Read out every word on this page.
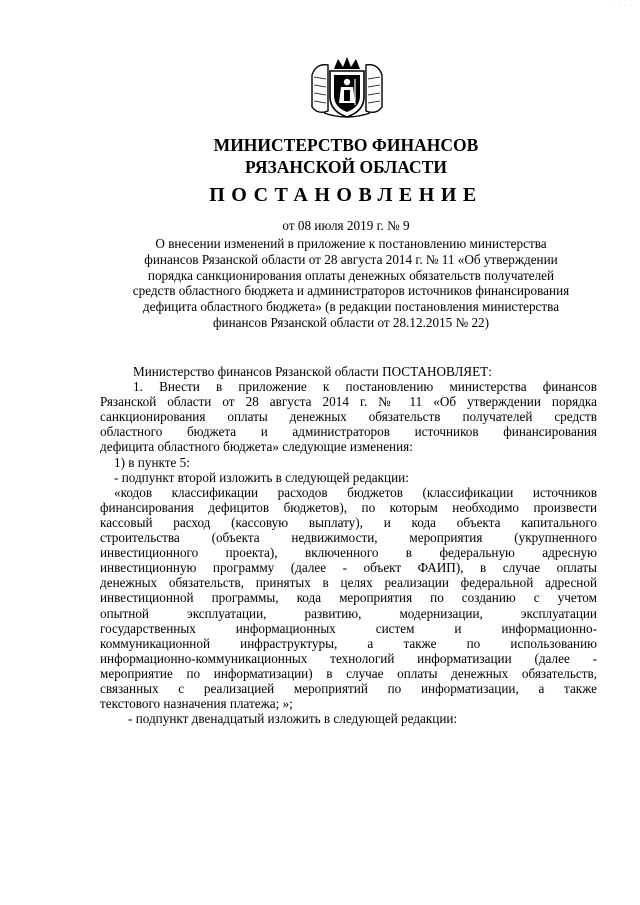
· · · ·
МИНИСТЕРСТВО ФИНАНСОВ
РЯЗАНСКОЙ ОБЛАСТИ
ПОСТАНОВЛЕНИЕ
от 08 июля 2019 г. № 9
О внесении изменений в приложение к постановлению министерства
финансов Рязанской области от 28 августа 2014 г. № 11 «Об утверждении
порядка санкционирования оплаты денежных обязательств получателей
средств областного бюджета и администраторов источников финансирования
дефицита областного бюджета» (в редакции постановления министерства
финансов Рязанской области от 28.12.2015 № 22)
Министерство финансов Рязанской области ПОСТАНОВЛЯЕТ:
1. Внести в приложение к постановлению министерства финансов
Рязанской области от 28 августа 2014 г. № 11 «Об утверждении порядка
санкционирования оплаты денежных обязательств получателей средств
областного бюджета и администраторов источников финансирования
дефицита областного бюджета» следующие изменения:
1) в пункте 5:
- подпункт второй изложить в следующей редакции:
«кодов классификации расходов бюджетов (классификации источников
финансирования дефицитов бюджетов), по которым необходимо произвести
кассовый расход (кассовую выплату), и кода объекта капитального
строительства (объекта недвижимости, мероприятия (укрупненного
инвестиционного проекта), включенного в федеральную адресную
инвестиционную программу (далее - объект ФАИП), в случае оплаты
денежных обязательств, принятых в целях реализации федеральной адресной
инвестиционной программы, кода мероприятия по созданию с учетом
опытной эксплуатации, развитию, модернизации, эксплуатации
государственных информационных систем и информационно-
коммуникационной инфраструктуры, а также по использованию
информационно-коммуникационных технологий информатизации (далее -
мероприятие по информатизации) в случае оплаты денежных обязательств,
связанных с реализацией мероприятий по информатизации, а также
текстового назначения платежа; »;
- подпункт двенадцатый изложить в следующей редакции:
